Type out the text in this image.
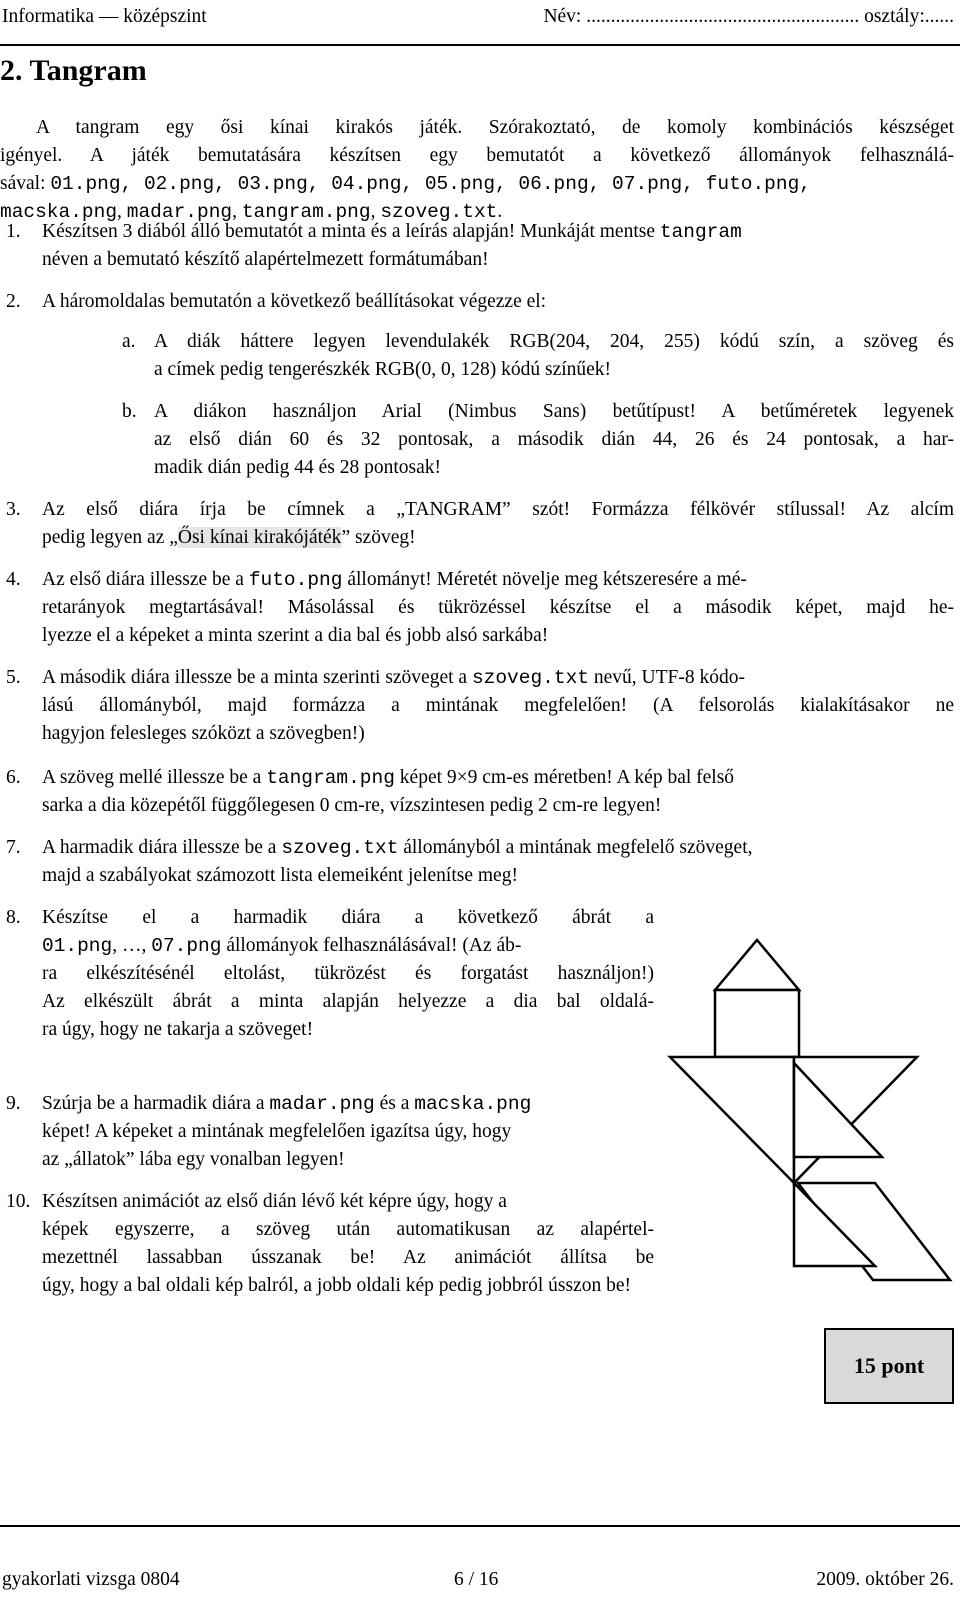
Informatika — középszint	Név: ........................................................ osztály:......
2. Tangram
A tangram egy ősi kínai kirakós játék. Szórakoztató, de komoly kombinációs készséget
igényel. A játék bemutatására készítsen egy bemutatót a következő állományok felhasználá-
sával: 01.png, 02.png, 03.png, 04.png, 05.png, 06.png, 07.png, futo.png,
macska.png, madar.png, tangram.png, szoveg.txt.
1. Készítsen 3 diából álló bemutatót a minta és a leírás alapján! Munkáját mentse tangram
néven a bemutató készítő alapértelmezett formátumában!
2. A háromoldalas bemutatón a következő beállításokat végezze el:
a. A diák háttere legyen levendulakék RGB(204, 204, 255) kódú szín, a szöveg és
a címek pedig tengerészkék RGB(0, 0, 128) kódú színűek!
b. A diákon használjon Arial (Nimbus Sans) betűtípust! A betűméretek legyenek
az első dián 60 és 32 pontosak, a második dián 44, 26 és 24 pontosak, a har-
madik dián pedig 44 és 28 pontosak!
3. Az első diára írja be címnek a „TANGRAM” szót! Formázza félkövér stílussal! Az alcím
pedig legyen az „Ősi kínai kirakójáték” szöveg!
4. Az első diára illessze be a futo.png állományt! Méretét növelje meg kétszeresére a mé-
retarányok megtartásával! Másolással és tükrözéssel készítse el a második képet, majd he-
lyezze el a képeket a minta szerint a dia bal és jobb alsó sarkába!
5. A második diára illessze be a minta szerinti szöveget a szoveg.txt nevű, UTF-8 kódo-
lású állományból, majd formázza a mintának megfelelően! (A felsorolás kialakításakor ne
hagyjon felesleges szóközt a szövegben!)
6. A szöveg mellé illessze be a tangram.png képet 9×9 cm-es méretben! A kép bal felső
sarka a dia közepétől függőlegesen 0 cm-re, vízszintesen pedig 2 cm-re legyen!
7. A harmadik diára illessze be a szoveg.txt állományból a mintának megfelelő szöveget,
majd a szabályokat számozott lista elemeiként jelenítse meg!
8. Készítse el a harmadik diára a következő ábrát a
01.png, …, 07.png állományok felhasználásával! (Az áb-
ra elkészítésénél eltolást, tükrözést és forgatást használjon!)
Az elkészült ábrát a minta alapján helyezze a dia bal oldalá-
ra úgy, hogy ne takarja a szöveget!
9. Szúrja be a harmadik diára a madar.png és a macska.png
képet! A képeket a mintának megfelelően igazítsa úgy, hogy
az „állatok” lába egy vonalban legyen!
10. Készítsen animációt az első dián lévő két képre úgy, hogy a
képek egyszerre, a szöveg után automatikusan az alapértel-
mezettnél lassabban ússzanak be! Az animációt állítsa be
úgy, hogy a bal oldali kép balról, a jobb oldali kép pedig jobbról ússzon be!
15 pont
gyakorlati vizsga 0804	6 / 16	2009. október 26.
